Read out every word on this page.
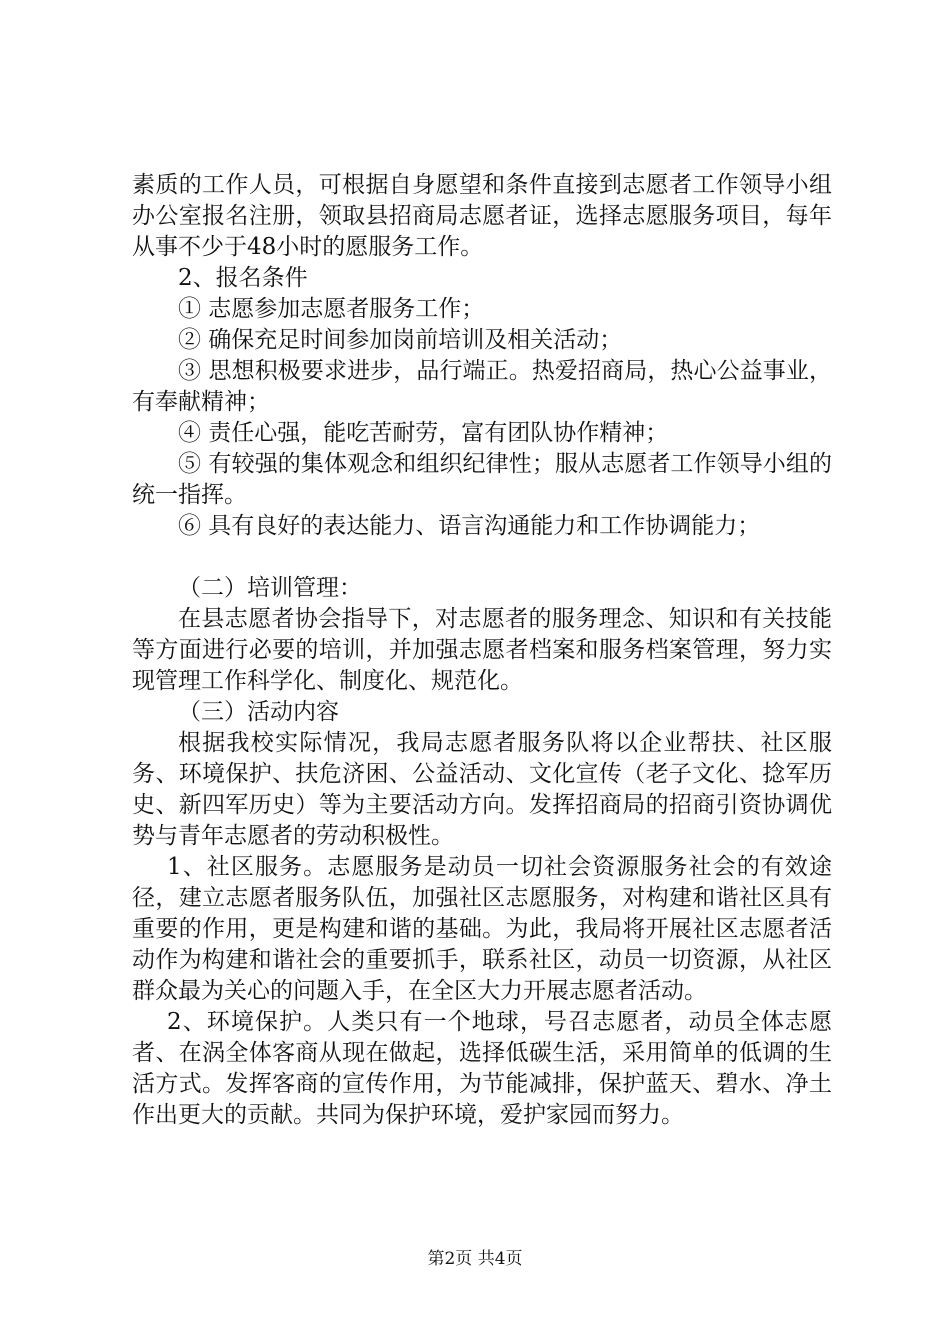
素质的工作人员，可根据自身愿望和条件直接到志愿者工作领导小组办公室报名注册，领取县招商局志愿者证，选择志愿服务项目，每年从事不少于48小时的愿服务工作。

2、报名条件

① 志愿参加志愿者服务工作；

② 确保充足时间参加岗前培训及相关活动；

③ 思想积极要求进步，品行端正。热爱招商局，热心公益事业，有奉献精神；

④ 责任心强，能吃苦耐劳，富有团队协作精神；

⑤ 有较强的集体观念和组织纪律性；服从志愿者工作领导小组的统一指挥。

⑥ 具有良好的表达能力、语言沟通能力和工作协调能力；

（二）培训管理：

在县志愿者协会指导下，对志愿者的服务理念、知识和有关技能等方面进行必要的培训，并加强志愿者档案和服务档案管理，努力实现管理工作科学化、制度化、规范化。

（三）活动内容

根据我校实际情况，我局志愿者服务队将以企业帮扶、社区服务、环境保护、扶危济困、公益活动、文化宣传（老子文化、捻军历史、新四军历史）等为主要活动方向。发挥招商局的招商引资协调优势与青年志愿者的劳动积极性。

1、社区服务。志愿服务是动员一切社会资源服务社会的有效途径，建立志愿者服务队伍，加强社区志愿服务，对构建和谐社区具有重要的作用，更是构建和谐的基础。为此，我局将开展社区志愿者活动作为构建和谐社会的重要抓手，联系社区，动员一切资源，从社区群众最为关心的问题入手，在全区大力开展志愿者活动。

2、环境保护。人类只有一个地球，号召志愿者，动员全体志愿者、在涡全体客商从现在做起，选择低碳生活，采用简单的低调的生活方式。发挥客商的宣传作用，为节能减排，保护蓝天、碧水、净土作出更大的贡献。共同为保护环境，爱护家园而努力。

第2页 共4页
